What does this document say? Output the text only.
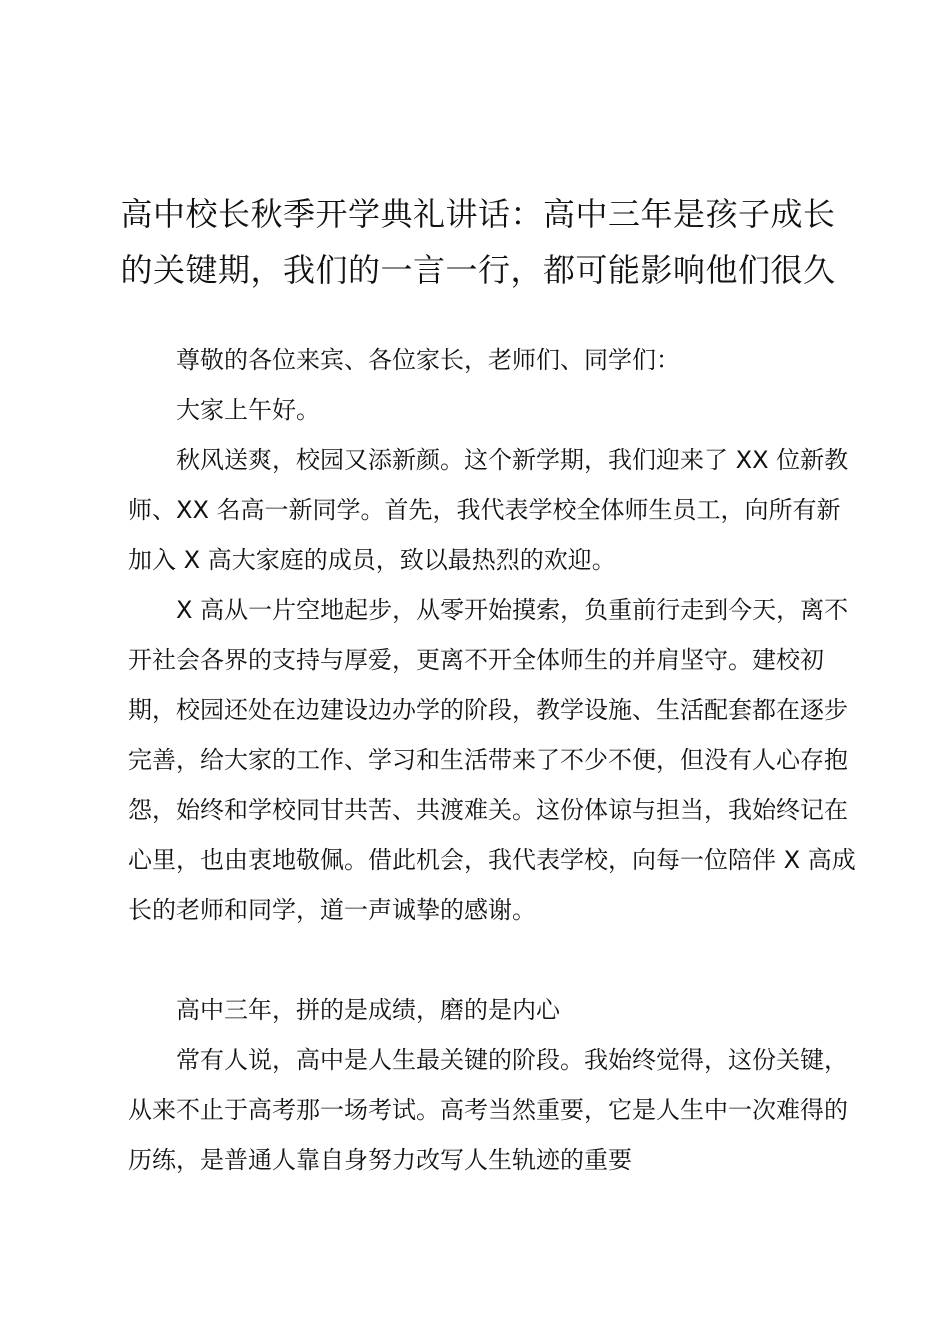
高中校长秋季开学典礼讲话：高中三年是孩子成长的关键期，我们的一言一行，都可能影响他们很久

尊敬的各位来宾、各位家长，老师们、同学们：

大家上午好。

秋风送爽，校园又添新颜。这个新学期，我们迎来了 XX 位新教师、XX 名高一新同学。首先，我代表学校全体师生员工，向所有新加入 X 高大家庭的成员，致以最热烈的欢迎。

X 高从一片空地起步，从零开始摸索，负重前行走到今天，离不开社会各界的支持与厚爱，更离不开全体师生的并肩坚守。建校初期，校园还处在边建设边办学的阶段，教学设施、生活配套都在逐步完善，给大家的工作、学习和生活带来了不少不便，但没有人心存抱怨，始终和学校同甘共苦、共渡难关。这份体谅与担当，我始终记在心里，也由衷地敬佩。借此机会，我代表学校，向每一位陪伴 X 高成长的老师和同学，道一声诚挚的感谢。

高中三年，拼的是成绩，磨的是内心

常有人说，高中是人生最关键的阶段。我始终觉得，这份关键，从来不止于高考那一场考试。高考当然重要，它是人生中一次难得的历练，是普通人靠自身努力改写人生轨迹的重要
